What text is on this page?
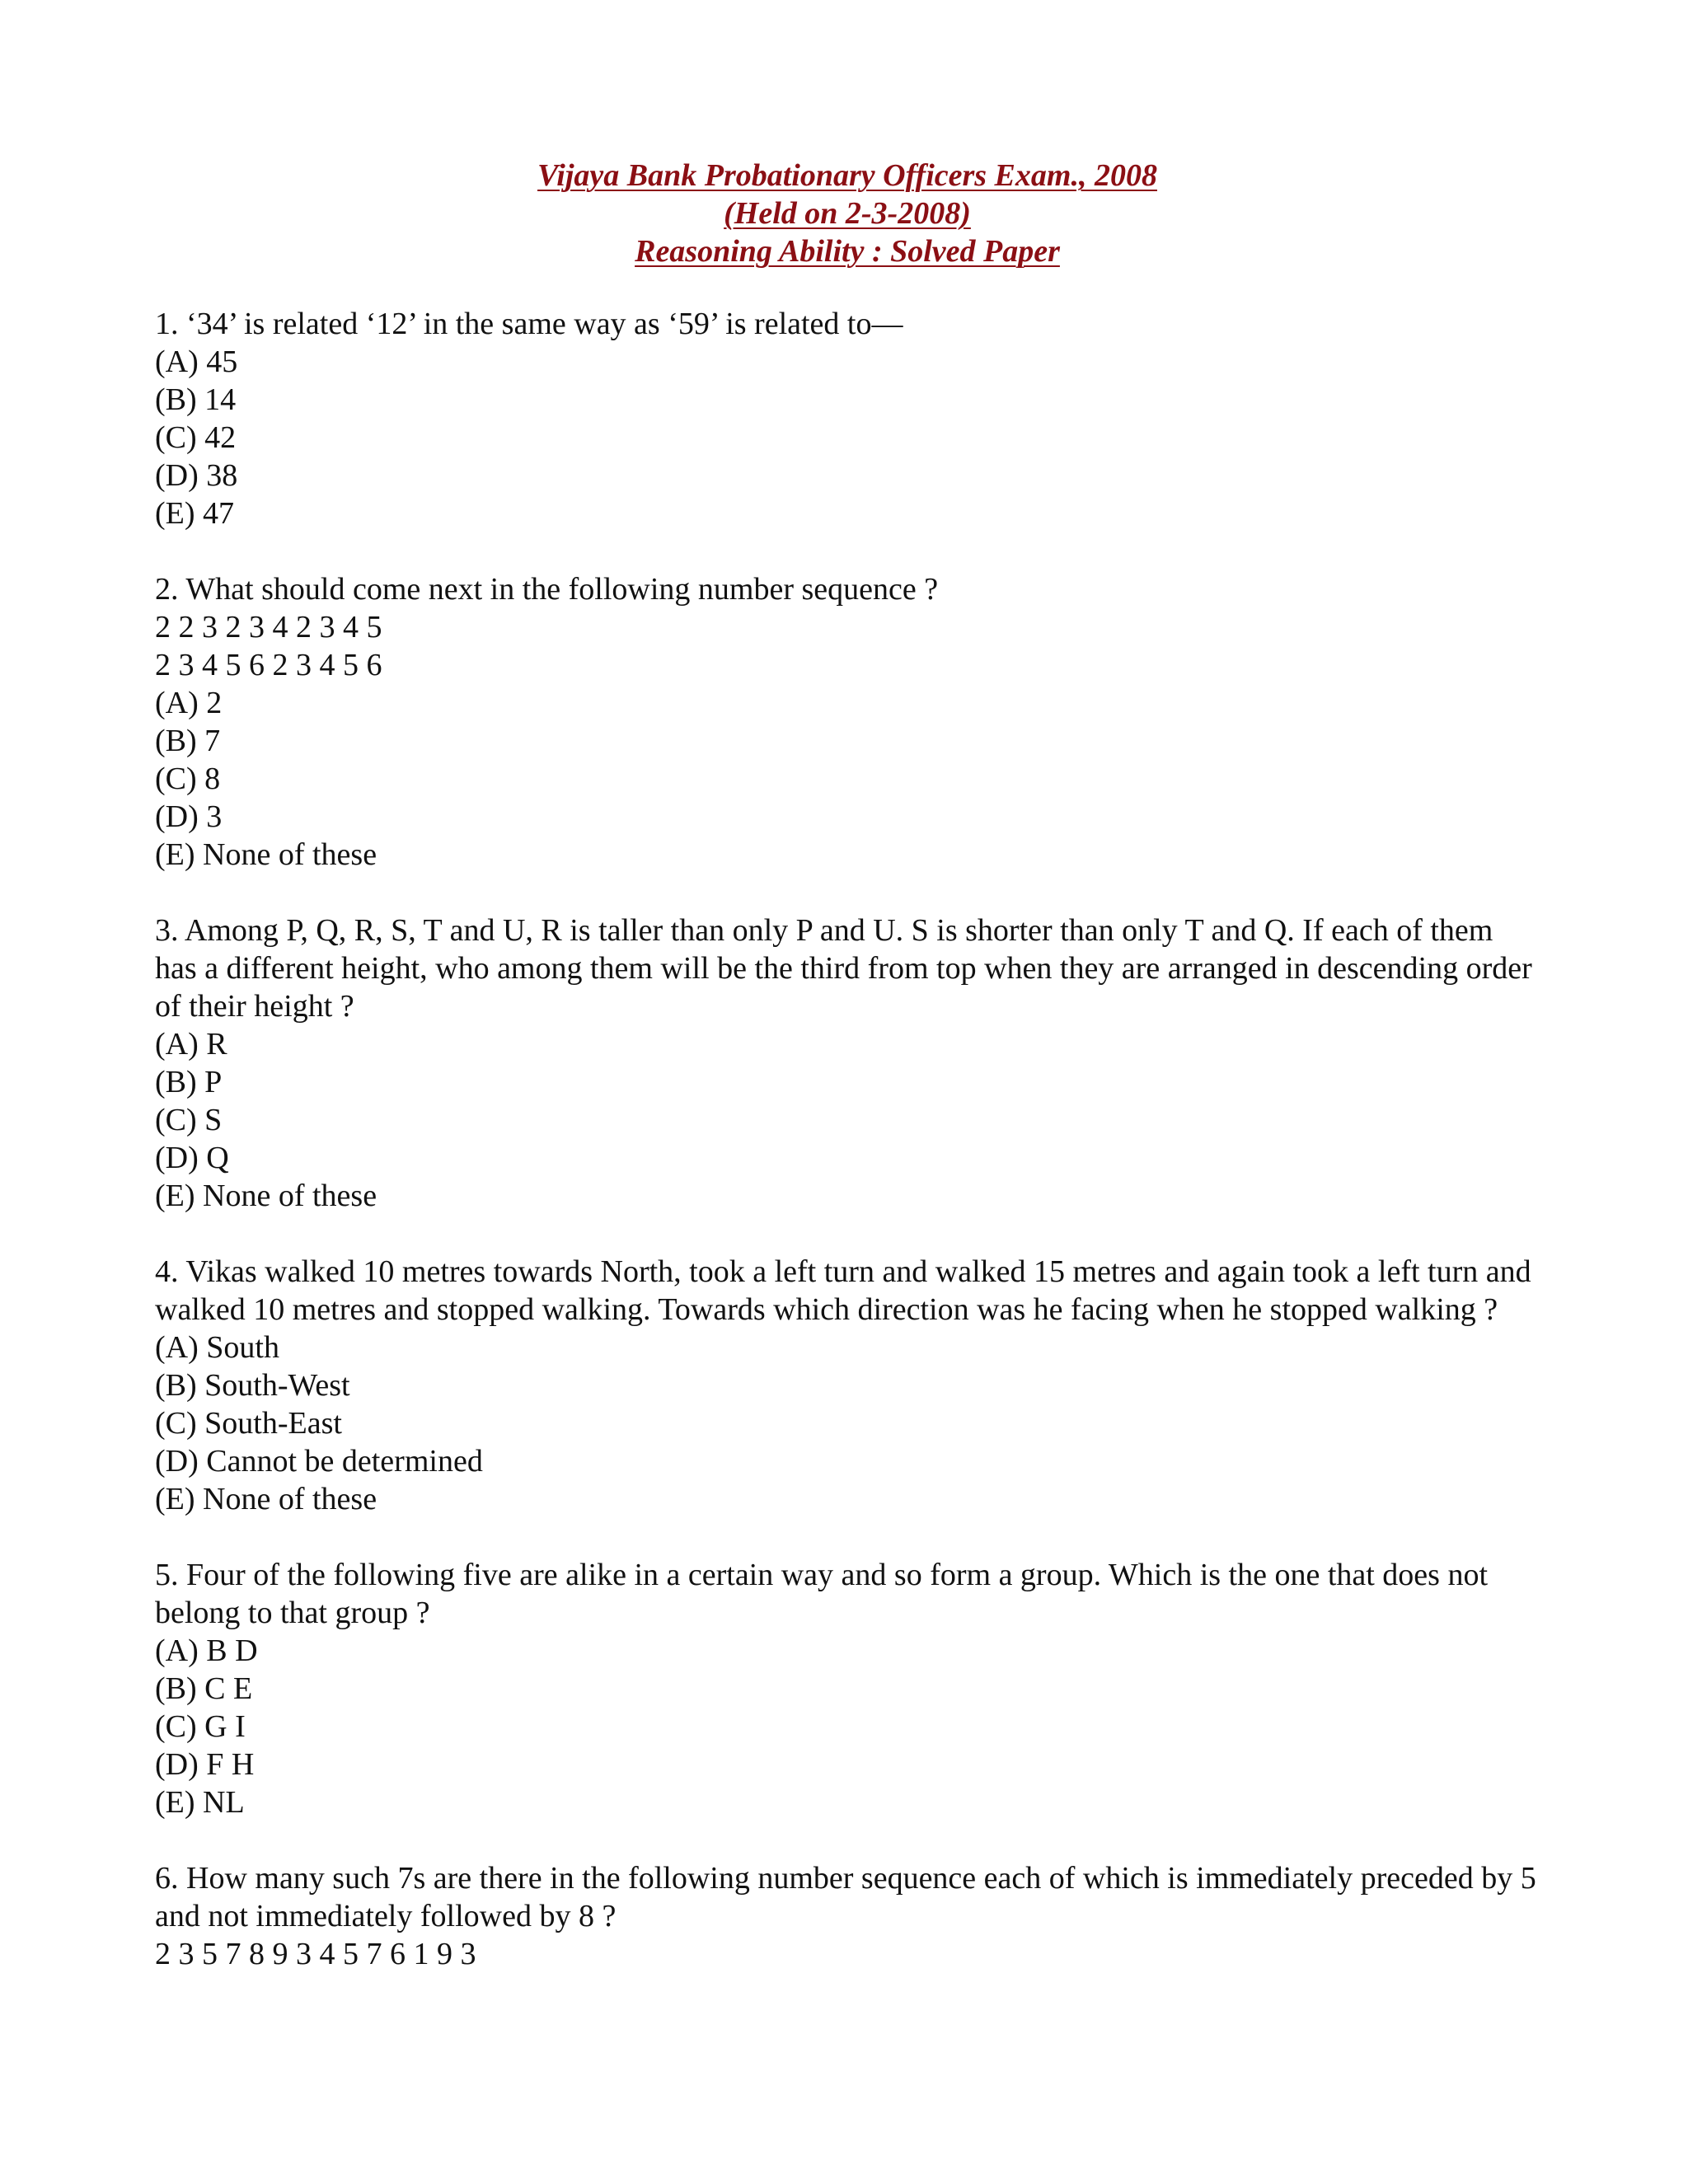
Vijaya Bank Probationary Officers Exam., 2008
(Held on 2-3-2008)
Reasoning Ability : Solved Paper
1. ‘34’ is related ‘12’ in the same way as ‘59’ is related to—
(A) 45
(B) 14
(C) 42
(D) 38
(E) 47
2. What should come next in the following number sequence ?
2 2 3 2 3 4 2 3 4 5
2 3 4 5 6 2 3 4 5 6
(A) 2
(B) 7
(C) 8
(D) 3
(E) None of these
3. Among P, Q, R, S, T and U, R is taller than only P and U. S is shorter than only T and Q. If each of them has a different height, who among them will be the third from top when they are arranged in descending order of their height ?
(A) R
(B) P
(C) S
(D) Q
(E) None of these
4. Vikas walked 10 metres towards North, took a left turn and walked 15 metres and again took a left turn and walked 10 metres and stopped walking. Towards which direction was he facing when he stopped walking ?
(A) South
(B) South-West
(C) South-East
(D) Cannot be determined
(E) None of these
5. Four of the following five are alike in a certain way and so form a group. Which is the one that does not belong to that group ?
(A) B D
(B) C E
(C) G I
(D) F H
(E) NL
6. How many such 7s are there in the following number sequence each of which is immediately preceded by 5 and not immediately followed by 8 ?
2 3 5 7 8 9 3 4 5 7 6 1 9 3
